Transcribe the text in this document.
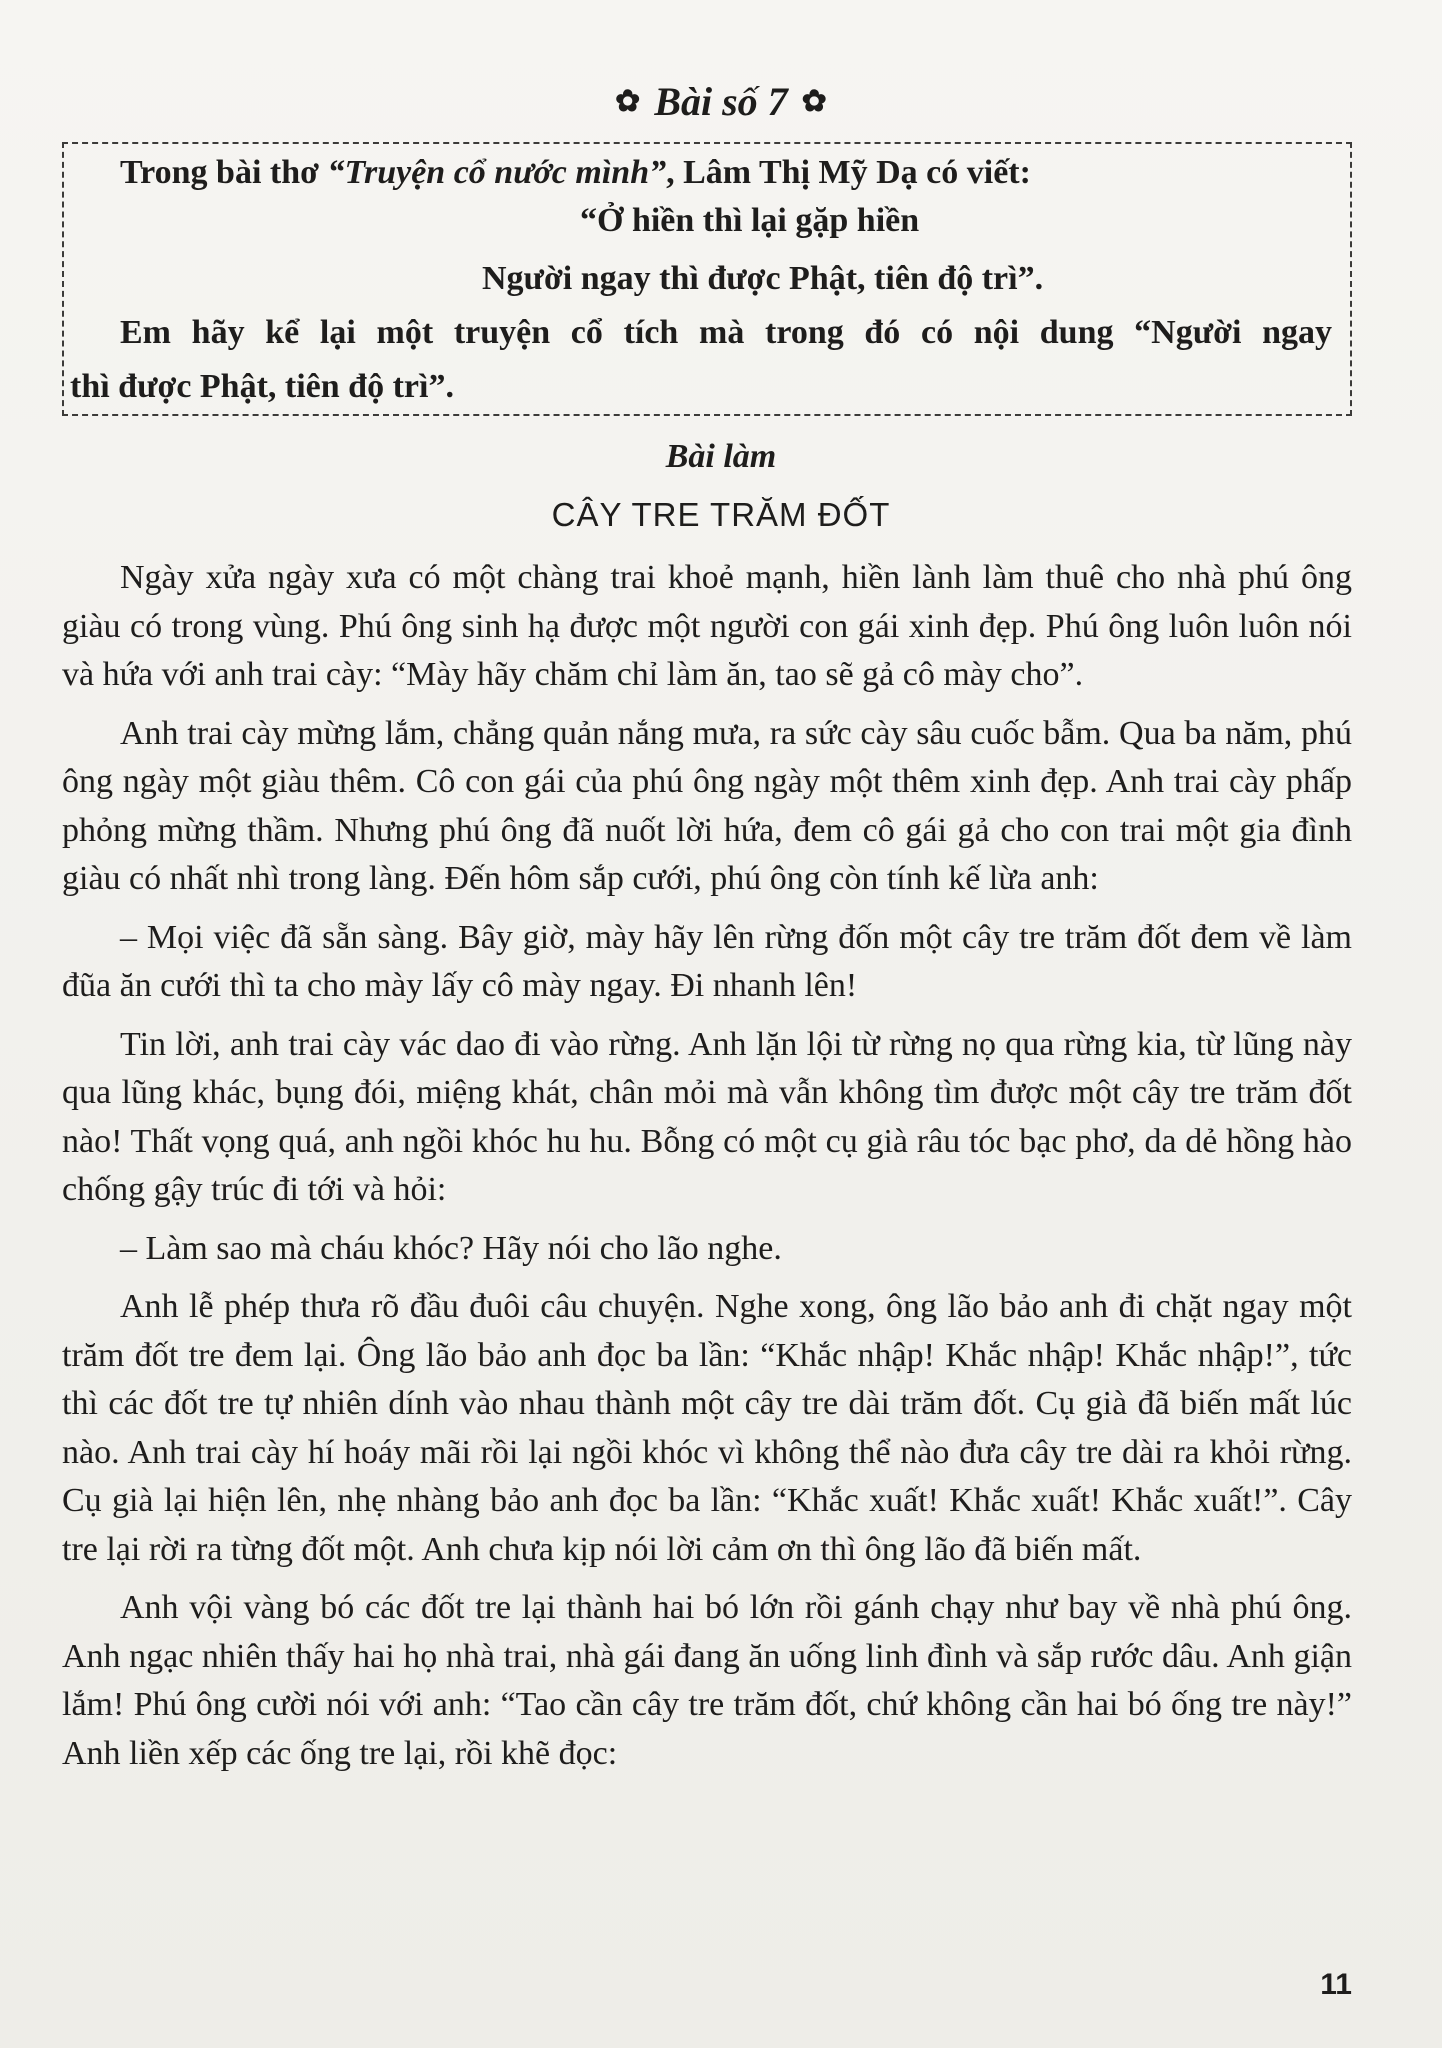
✿ Bài số 7 ✿
Trong bài thơ “Truyện cổ nước mình”, Lâm Thị Mỹ Dạ có viết:
“Ở hiền thì lại gặp hiền
Người ngay thì được Phật, tiên độ trì”.
Em hãy kể lại một truyện cổ tích mà trong đó có nội dung “Người ngay
thì được Phật, tiên độ trì”.
Bài làm
CÂY TRE TRĂM ĐỐT

Ngày xửa ngày xưa có một chàng trai khoẻ mạnh, hiền lành làm thuê cho nhà phú ông giàu có trong vùng. Phú ông sinh hạ được một người con gái xinh đẹp. Phú ông luôn luôn nói và hứa với anh trai cày: “Mày hãy chăm chỉ làm ăn, tao sẽ gả cô mày cho”.

Anh trai cày mừng lắm, chẳng quản nắng mưa, ra sức cày sâu cuốc bẫm. Qua ba năm, phú ông ngày một giàu thêm. Cô con gái của phú ông ngày một thêm xinh đẹp. Anh trai cày phấp phỏng mừng thầm. Nhưng phú ông đã nuốt lời hứa, đem cô gái gả cho con trai một gia đình giàu có nhất nhì trong làng. Đến hôm sắp cưới, phú ông còn tính kế lừa anh:

– Mọi việc đã sẵn sàng. Bây giờ, mày hãy lên rừng đốn một cây tre trăm đốt đem về làm đũa ăn cưới thì ta cho mày lấy cô mày ngay. Đi nhanh lên!

Tin lời, anh trai cày vác dao đi vào rừng. Anh lặn lội từ rừng nọ qua rừng kia, từ lũng này qua lũng khác, bụng đói, miệng khát, chân mỏi mà vẫn không tìm được một cây tre trăm đốt nào! Thất vọng quá, anh ngồi khóc hu hu. Bỗng có một cụ già râu tóc bạc phơ, da dẻ hồng hào chống gậy trúc đi tới và hỏi:

– Làm sao mà cháu khóc? Hãy nói cho lão nghe.

Anh lễ phép thưa rõ đầu đuôi câu chuyện. Nghe xong, ông lão bảo anh đi chặt ngay một trăm đốt tre đem lại. Ông lão bảo anh đọc ba lần: “Khắc nhập! Khắc nhập! Khắc nhập!”, tức thì các đốt tre tự nhiên dính vào nhau thành một cây tre dài trăm đốt. Cụ già đã biến mất lúc nào. Anh trai cày hí hoáy mãi rồi lại ngồi khóc vì không thể nào đưa cây tre dài ra khỏi rừng. Cụ già lại hiện lên, nhẹ nhàng bảo anh đọc ba lần: “Khắc xuất! Khắc xuất! Khắc xuất!”. Cây tre lại rời ra từng đốt một. Anh chưa kịp nói lời cảm ơn thì ông lão đã biến mất.

Anh vội vàng bó các đốt tre lại thành hai bó lớn rồi gánh chạy như bay về nhà phú ông. Anh ngạc nhiên thấy hai họ nhà trai, nhà gái đang ăn uống linh đình và sắp rước dâu. Anh giận lắm! Phú ông cười nói với anh: “Tao cần cây tre trăm đốt, chứ không cần hai bó ống tre này!” Anh liền xếp các ống tre lại, rồi khẽ đọc:

11
